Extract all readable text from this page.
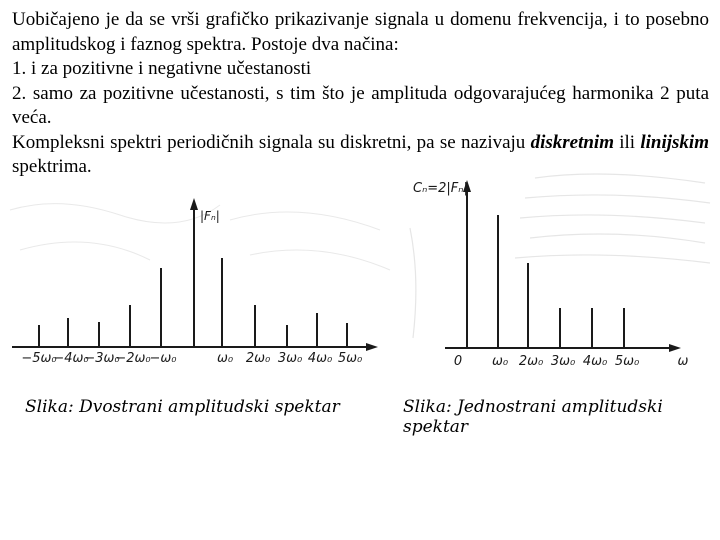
Uobičajeno je da se vrši grafičko prikazivanje signala u domenu frekvencija, i to posebno amplitudskog i faznog spektra. Postoje dva načina:

1. i za pozitivne i negativne učestanosti

2. samo za pozitivne učestanosti, s tim što je amplituda odgovarajućeg harmonika 2 puta veća.

Kompleksni spektri periodičnih signala su diskretni, pa se nazivaju diskretnim ili linijskim spektrima.

|Fₙ|
−5ω₀
−4ω₀
−3ω₀
−2ω₀
−ω₀	ω₀ 2ω₀ 3ω₀ 4ω₀ 5ω₀
Cₙ=2|Fₙ|
0 ω₀ 2ω₀ 3ω₀ 4ω₀ 5ω₀	ω
Slika: Dvostrani amplitudski spektar	Slika: Jednostrani amplitudski spektar
